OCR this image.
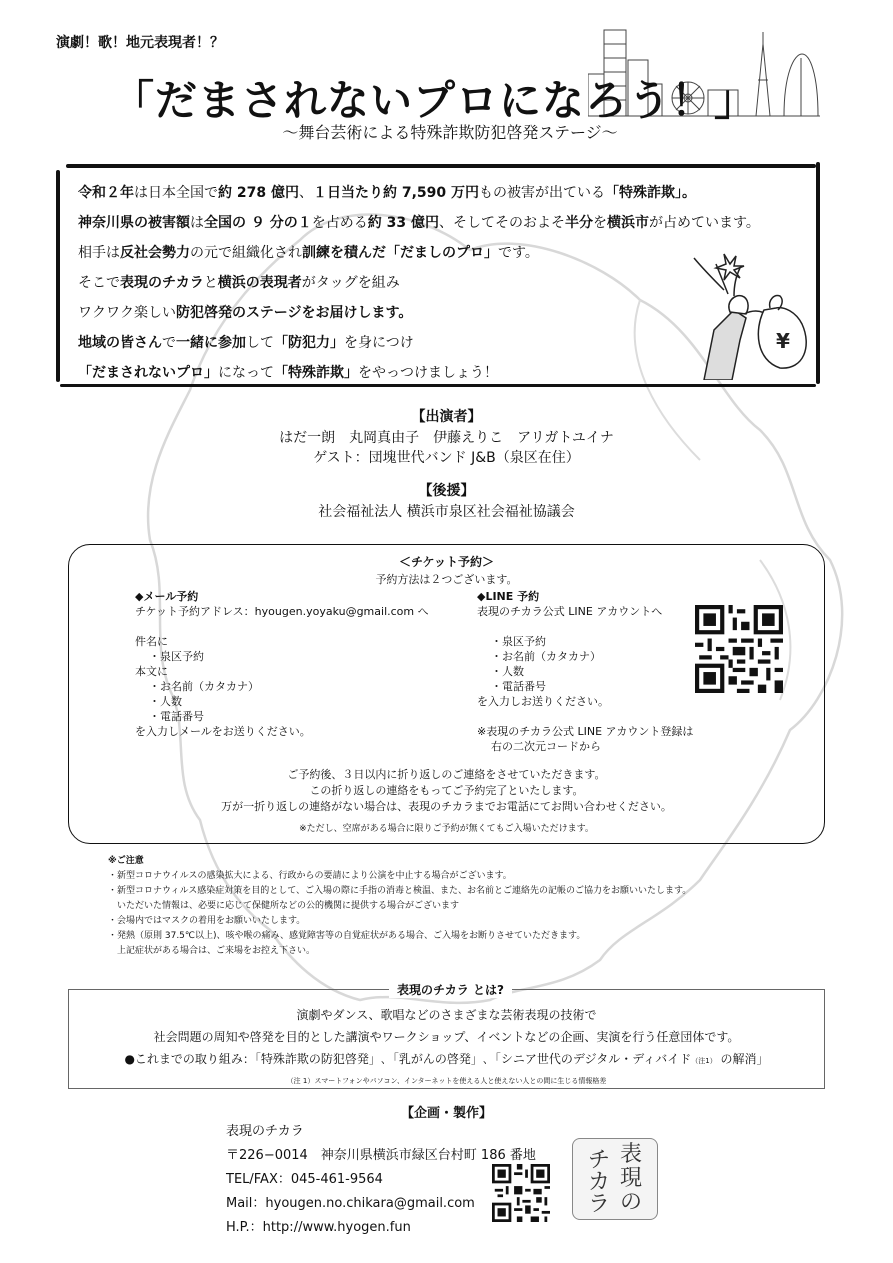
演劇！歌！地元表現者！？
「だまされないプロになろう！」
〜舞台芸術による特殊詐欺防犯啓発ステージ〜

令和２年は日本全国で約 278 億円、１日当たり約 7,590 万円もの被害が出ている「特殊詐欺」。

神奈川県の被害額は全国の ９ 分の１を占める約 33 億円、そしてそのおよそ半分を横浜市が占めています。

相手は反社会勢力の元で組織化され訓練を積んだ「だましのプロ」です。

そこで表現のチカラと横浜の表現者がタッグを組み

ワクワク楽しい防犯啓発のステージをお届けします。

地域の皆さんで一緒に参加して「防犯力」を身につけ

「だまされないプロ」になって「特殊詐欺」をやっつけましょう！

¥
【出演者】
はだ一朗　丸岡真由子　伊藤えりこ　アリガトユイナ
ゲスト：団塊世代バンド J&B（泉区在住）
【後援】
社会福祉法人 横浜市泉区社会福祉協議会
＜チケット予約＞
予約方法は２つございます。
◆メール予約
チケット予約アドレス：hyougen.yoyaku@gmail.com へ
件名に
・泉区予約
本文に
・お名前（カタカナ）
・人数
・電話番号
を入力しメールをお送りください。
◆LINE 予約
表現のチカラ公式 LINE アカウントへ
・泉区予約
・お名前（カタカナ）
・人数
・電話番号
を入力しお送りください。
※表現のチカラ公式 LINE アカウント登録は
右の二次元コードから
ご予約後、３日以内に折り返しのご連絡をさせていただきます。
この折り返しの連絡をもってご予約完了といたします。
万が一折り返しの連絡がない場合は、表現のチカラまでお電話にてお問い合わせください。
※ただし、空席がある場合に限りご予約が無くてもご入場いただけます。
※ご注意
・新型コロナウイルスの感染拡大による、行政からの要請により公演を中止する場合がございます。
・新型コロナウィルス感染症対策を目的として、ご入場の際に手指の消毒と検温、また、お名前とご連絡先の記帳のご協力をお願いいたします。
　いただいた情報は、必要に応じて保健所などの公的機関に提供する場合がございます
・会場内ではマスクの着用をお願いいたします。
・発熱（原則 37.5℃以上)、咳や喉の痛み、感覚障害等の自覚症状がある場合、ご入場をお断りさせていただきます。
　上記症状がある場合は、ご来場をお控え下さい。
表現のチカラ とは?
演劇やダンス、歌唱などのさまざまな芸術表現の技術で
社会問題の周知や啓発を目的とした講演やワークショップ、イベントなどの企画、実演を行う任意団体です。
●これまでの取り組み：「特殊詐欺の防犯啓発」､「乳がんの啓発」､「シニア世代のデジタル・ディバイド（注1） の解消」
（注 1）スマートフォンやパソコン、インターネットを使える人と使えない人との間に生じる情報格差
【企画・製作】
表現のチカラ
〒226−0014　神奈川県横浜市緑区台村町 186 番地
TEL/FAX：045-461-9564
Mail：hyougen.no.chikara@gmail.com
H.P.：http://www.hyogen.fun
表
現
の
チ
カ
ラ
